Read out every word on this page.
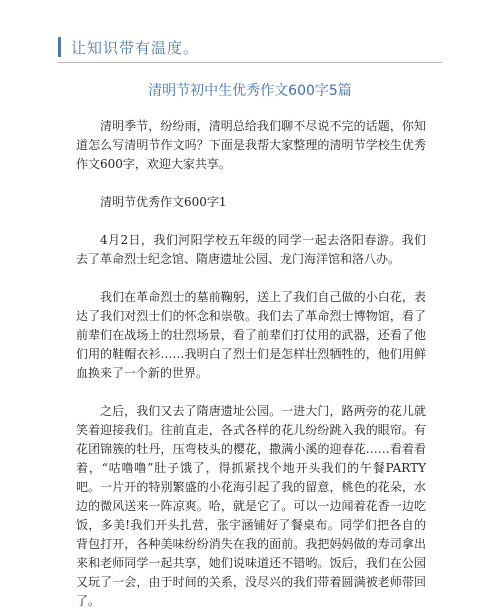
让知识带有温度。
清明节初中生优秀作文600字5篇

清明季节，纷纷雨，清明总给我们聊不尽说不完的话题，你知道怎么写清明节作文吗？下面是我帮大家整理的清明节学校生优秀作文600字，欢迎大家共享。

清明节优秀作文600字1

4月2日，我们河阳学校五年级的同学一起去洛阳春游。我们去了革命烈士纪念馆、隋唐遗址公园、龙门海洋馆和洛八办。

我们在革命烈士的墓前鞠躬，送上了我们自己做的小白花，表达了我们对烈士们的怀念和崇敬。我们去了革命烈士博物馆，看了前辈们在战场上的壮烈场景，看了前辈们打仗用的武器，还看了他们用的鞋帽衣衫……我明白了烈士们是怎样壮烈牺牲的，他们用鲜血换来了一个新的世界。

之后，我们又去了隋唐遗址公园。一进大门，路两旁的花儿就笑着迎接我们。往前直走，各式各样的花儿纷纷跳入我的眼帘。有花团锦簇的牡丹，压弯枝头的樱花，撒满小溪的迎春花……看着看着，“咕噜噜”肚子饿了，得抓紧找个地开头我们的午餐PARTY吧。一片开的特别繁盛的小花海引起了我的留意，桃色的花朵，水边的微风送来一阵凉爽。哈，就是它了。可以一边闻着花香一边吃饭，多美!我们开头扎营，张宇涵铺好了餐桌布。同学们把各自的背包打开，各种美味纷纷消失在我的面前。我把妈妈做的寿司拿出来和老师同学一起共享，她们说味道还不错哟。饭后，我们在公园又玩了一会，由于时间的关系，没尽兴的我们带着圆满被老师带回了。
